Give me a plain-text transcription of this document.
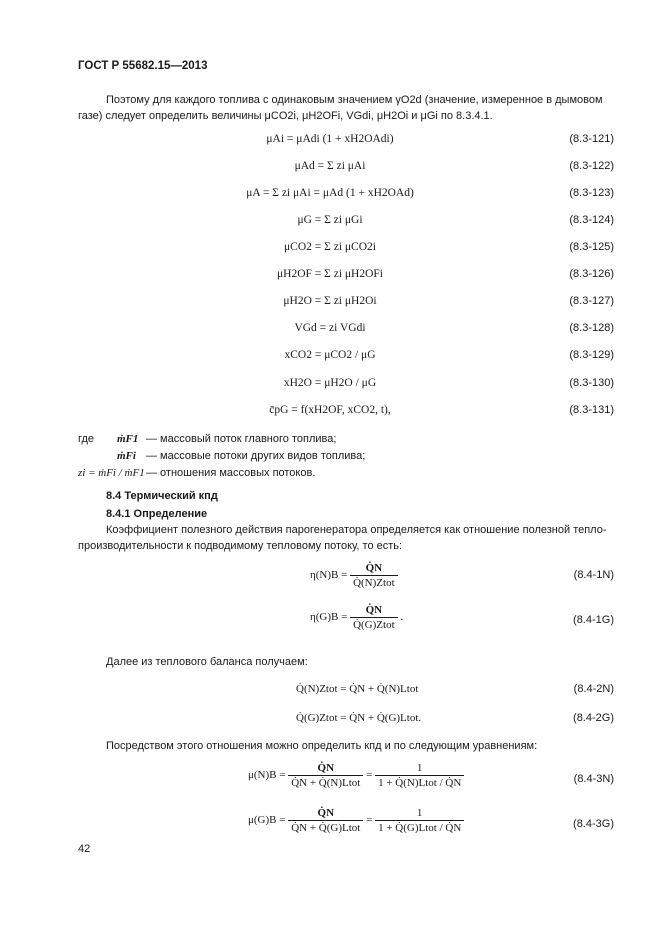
ГОСТ Р 55682.15—2013
Поэтому для каждого топлива с одинаковым значением γO2d (значение, измеренное в дымовом
газе) следует определить величины μCO2i, μH2OFi, VGdi, μH2Oi и μGi по 8.3.4.1.
μAi = μAdi (1 + xH2OAdi)	(8.3-121)
μAd = Σ zi μAi	(8.3-122)
μA = Σ zi μAi = μAd (1 + xH2OAd)	(8.3-123)
μG = Σ zi μGi	(8.3-124)
μCO2 = Σ zi μCO2i	(8.3-125)
μH2OF = Σ zi μH2OFi	(8.3-126)
μH2O = Σ zi μH2Oi	(8.3-127)
VGd = zi VGdi	(8.3-128)
xCO2 = μCO2 / μG	(8.3-129)
xH2O = μH2O / μG	(8.3-130)
c̄pG = f(xH2OF, xCO2, t),	(8.3-131)
где ṁF1 — массовый поток главного топлива;
ṁFi — массовые потоки других видов топлива;
zi = ṁFi / ṁF1 — отношения массовых потоков.
8.4 Термический кпд
8.4.1 Определение
Коэффициент полезного действия парогенератора определяется как отношение полезной тепло-
производительности к подводимому тепловому потоку, то есть:
$\eta(N)B = \frac{Q̇N}{\text{Q̇(N)Ztot}}$	(8.4-1N)
$\eta(G)B = \frac{Q̇N}{\text{Q̇(G)Ztot}}$ .	(8.4-1G)
Далее из теплового баланса получаем:
Q̇(N)Ztot = Q̇N + Q̇(N)Ltot	(8.4-2N)
Q̇(G)Ztot = Q̇N + Q̇(G)Ltot.	(8.4-2G)
Посредством этого отношения можно определить кпд и по следующим уравнениям:
$\mu(N)B = \frac{Q̇N}{\text{Q̇N + Q̇(N)Ltot}} = \frac{1}{\text{1 + Q̇(N)Ltot / Q̇N}}$	(8.4-3N)
$\mu(G)B = \frac{Q̇N}{\text{Q̇N + Q̇(G)Ltot}} = \frac{1}{\text{1 + Q̇(G)Ltot / Q̇N}}$	(8.4-3G)
42
